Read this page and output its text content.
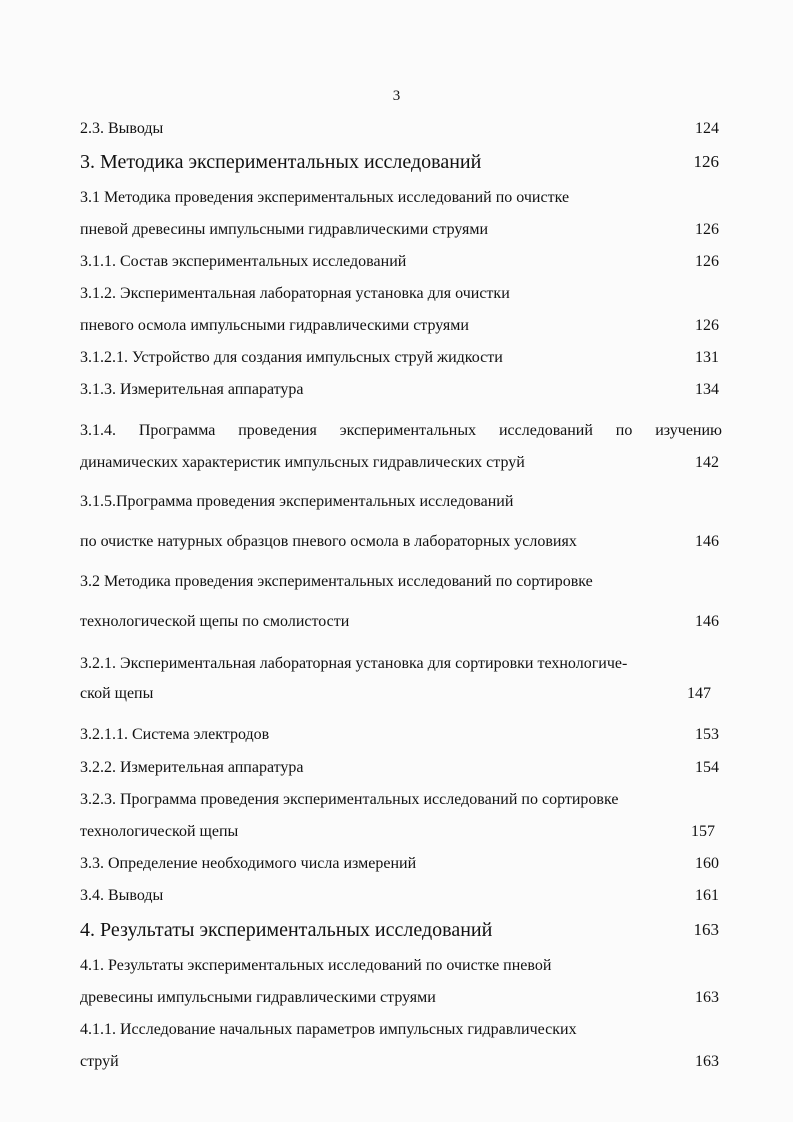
3
2.3. Выводы	124
3. Методика экспериментальных исследований	126
3.1 Методика проведения экспериментальных исследований по очистке
пневой древесины импульсными гидравлическими струями	126
3.1.1. Состав экспериментальных исследований	126
3.1.2. Экспериментальная лабораторная установка для очистки
пневого осмола импульсными гидравлическими струями	126
3.1.2.1. Устройство для создания импульсных струй жидкости	131
3.1.3. Измерительная аппаратура	134
3.1.4. Программа проведения экспериментальных исследований по изучению
динамических характеристик импульсных гидравлических струй	142
3.1.5.Программа проведения экспериментальных исследований
по очистке натурных образцов пневого осмола в лабораторных условиях	146
3.2 Методика проведения экспериментальных исследований по сортировке
технологической щепы по смолистости	146
3.2.1. Экспериментальная лабораторная установка для сортировки технологиче-
ской щепы	147
3.2.1.1. Система электродов	153
3.2.2. Измерительная аппаратура	154
3.2.3. Программа проведения экспериментальных исследований по сортировке
технологической щепы	157
3.3. Определение необходимого числа измерений	160
3.4. Выводы	161
4. Результаты экспериментальных исследований	163
4.1. Результаты экспериментальных исследований по очистке пневой
древесины импульсными гидравлическими струями	163
4.1.1. Исследование начальных параметров импульсных гидравлических
струй	163
